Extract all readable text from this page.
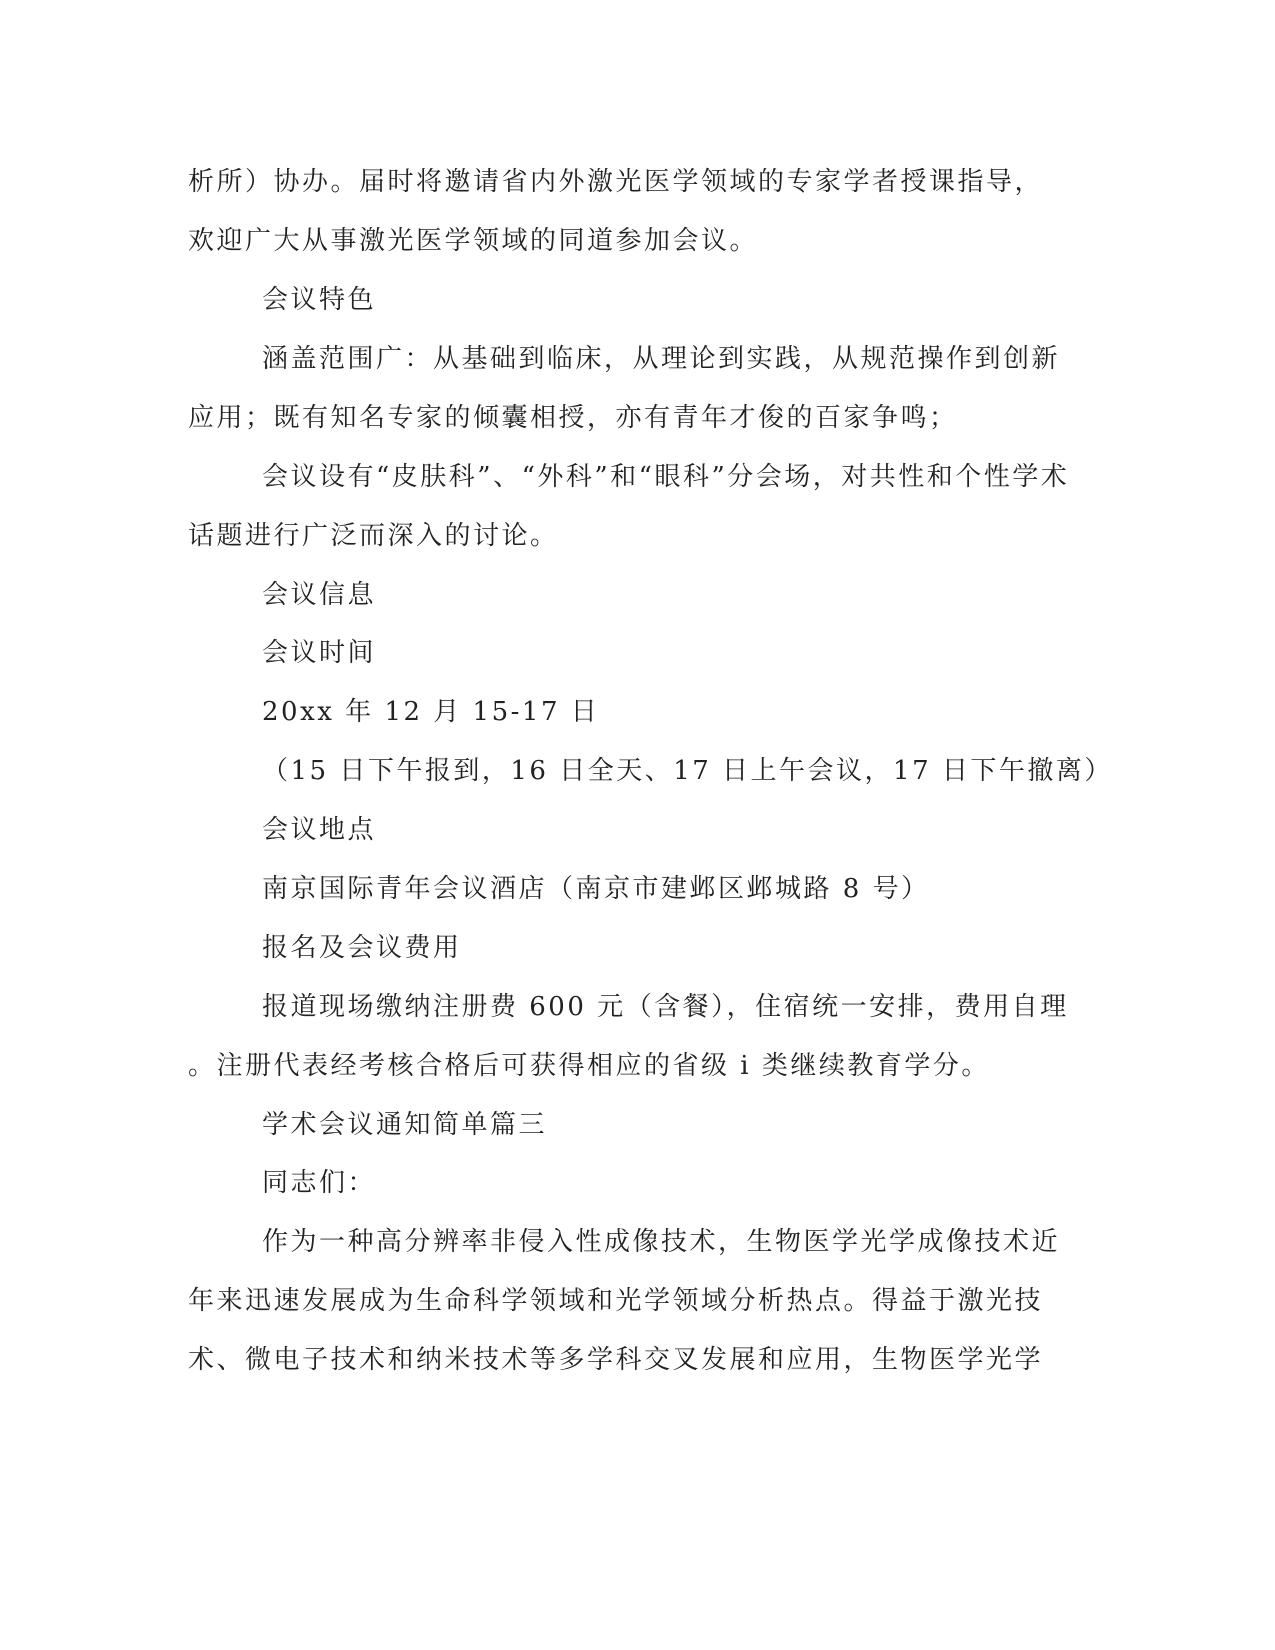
析所）协办。届时将邀请省内外激光医学领域的专家学者授课指导，
欢迎广大从事激光医学领域的同道参加会议。
会议特色
涵盖范围广：从基础到临床，从理论到实践，从规范操作到创新
应用；既有知名专家的倾囊相授，亦有青年才俊的百家争鸣；
会议设有“皮肤科”、“外科”和“眼科”分会场，对共性和个性学术
话题进行广泛而深入的讨论。
会议信息
会议时间
20xx 年 12 月 15-17 日
（15 日下午报到，16 日全天、17 日上午会议，17 日下午撤离）
会议地点
南京国际青年会议酒店（南京市建邺区邺城路 8 号）
报名及会议费用
报道现场缴纳注册费 600 元（含餐），住宿统一安排，费用自理
。注册代表经考核合格后可获得相应的省级 i 类继续教育学分。
学术会议通知简单篇三
同志们：
作为一种高分辨率非侵入性成像技术，生物医学光学成像技术近
年来迅速发展成为生命科学领域和光学领域分析热点。得益于激光技
术、微电子技术和纳米技术等多学科交叉发展和应用，生物医学光学
